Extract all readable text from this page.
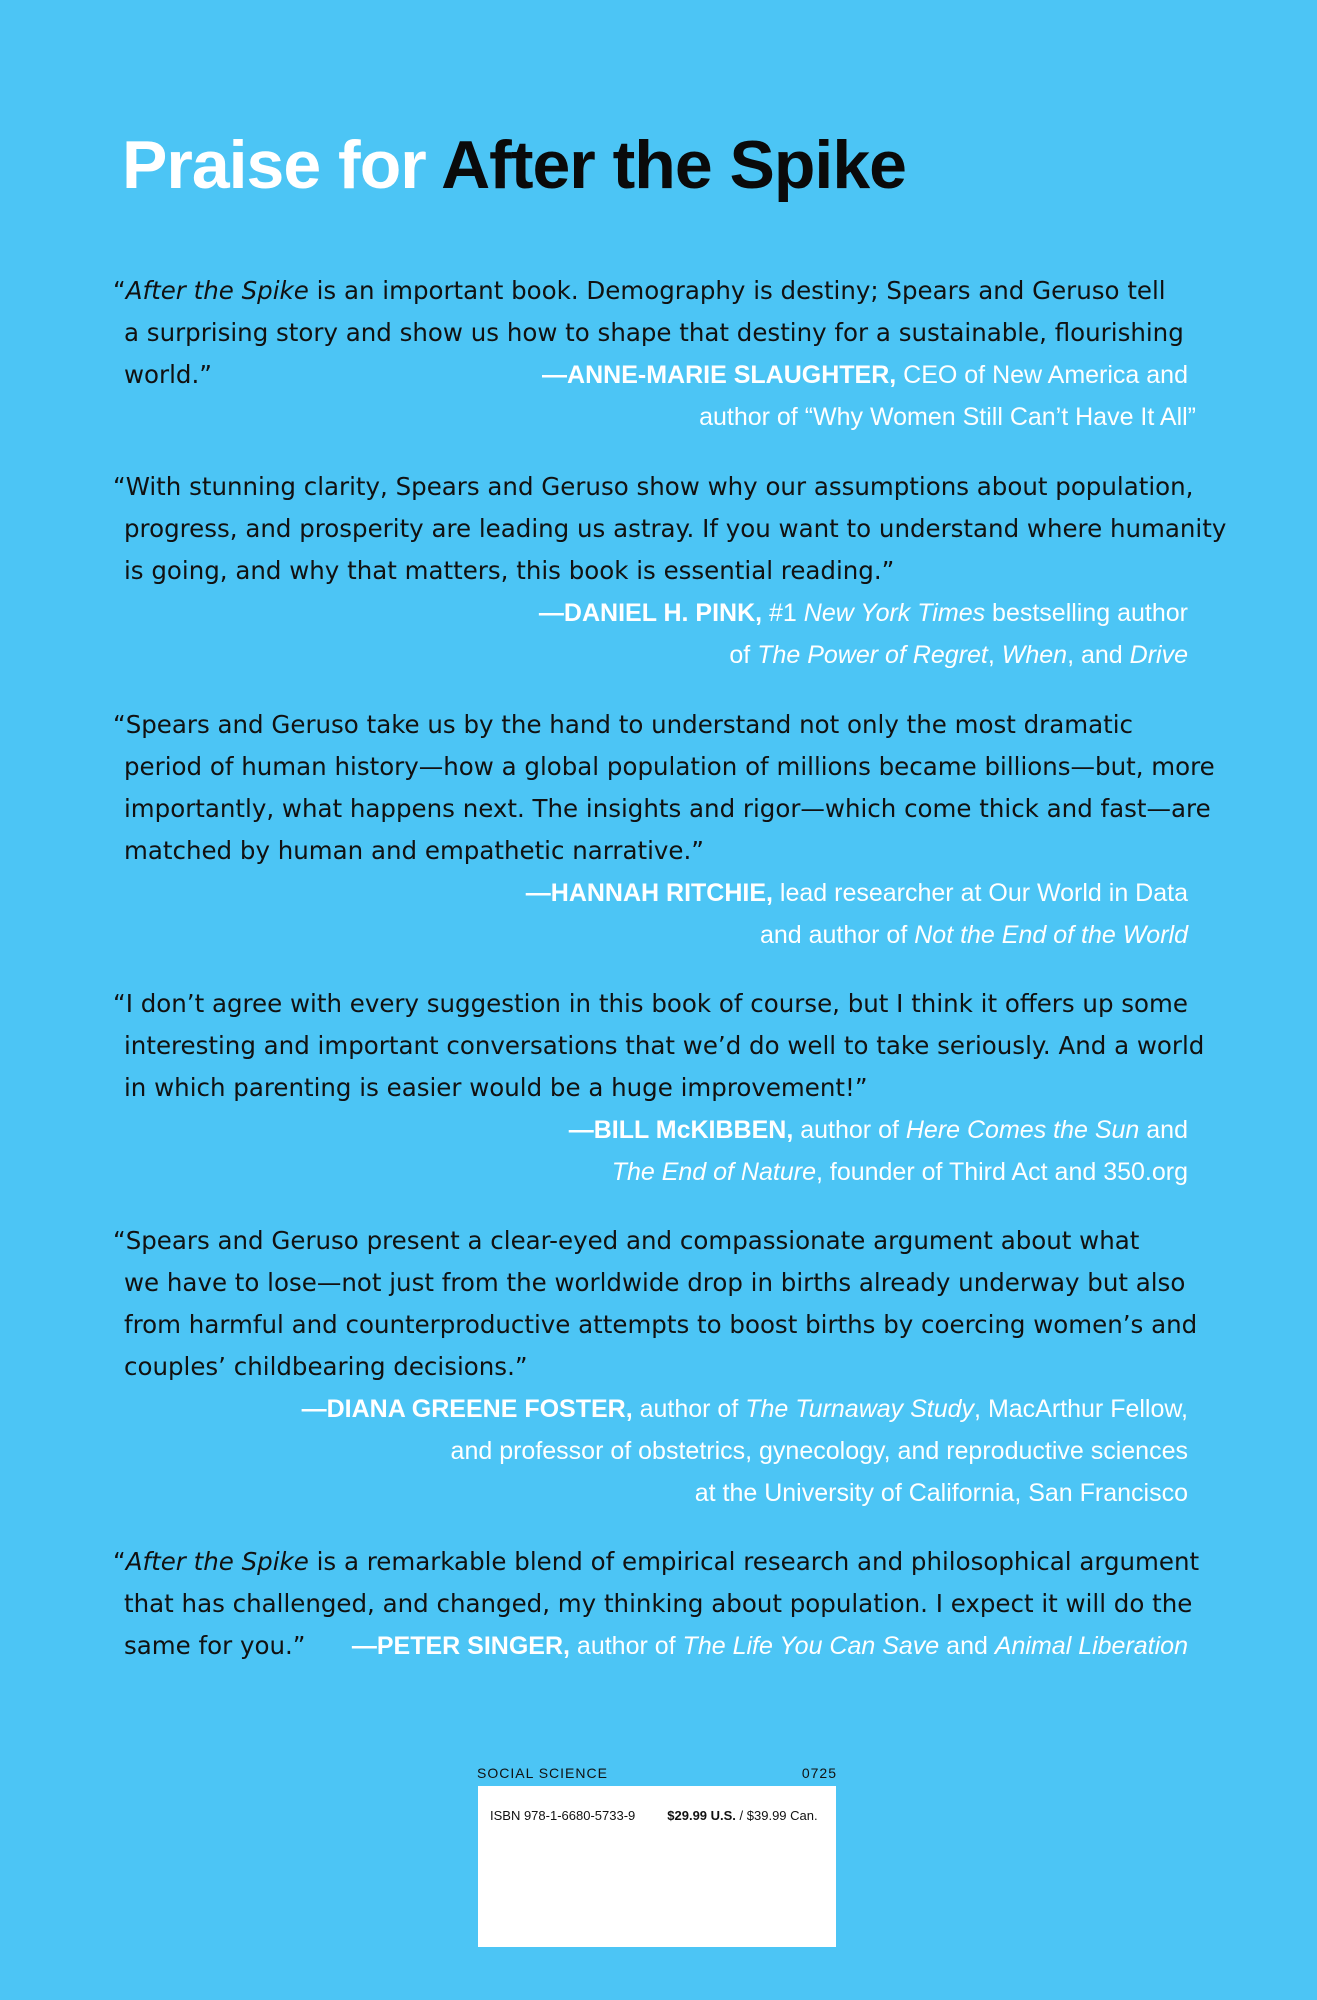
Praise for After the Spike
“After the Spike is an important book. Demography is destiny; Spears and Geruso tell
a surprising story and show us how to shape that destiny for a sustainable, flourishing
world.”	—ANNE-MARIE SLAUGHTER, CEO of New America and
author of “Why Women Still Can’t Have It All”
“With stunning clarity, Spears and Geruso show why our assumptions about population,
progress, and prosperity are leading us astray. If you want to understand where humanity
is going, and why that matters, this book is essential reading.”
—DANIEL H. PINK, #1 New York Times bestselling author
of The Power of Regret, When, and Drive
“Spears and Geruso take us by the hand to understand not only the most dramatic
period of human history—how a global population of millions became billions—but, more
importantly, what happens next. The insights and rigor—which come thick and fast—are
matched by human and empathetic narrative.”
—HANNAH RITCHIE, lead researcher at Our World in Data
and author of Not the End of the World
“I don’t agree with every suggestion in this book of course, but I think it offers up some
interesting and important conversations that we’d do well to take seriously. And a world
in which parenting is easier would be a huge improvement!”
—BILL McKIBBEN, author of Here Comes the Sun and
The End of Nature, founder of Third Act and 350.org
“Spears and Geruso present a clear-eyed and compassionate argument about what
we have to lose—not just from the worldwide drop in births already underway but also
from harmful and counterproductive attempts to boost births by coercing women’s and
couples’ childbearing decisions.”
—DIANA GREENE FOSTER, author of The Turnaway Study, MacArthur Fellow,
and professor of obstetrics, gynecology, and reproductive sciences
at the University of California, San Francisco
“After the Spike is a remarkable blend of empirical research and philosophical argument
that has challenged, and changed, my thinking about population. I expect it will do the
same for you.” —PETER SINGER, author of The Life You Can Save and Animal Liberation
SOCIAL SCIENCE	0725
ISBN 978-1-6680-5733-9 $29.99 U.S. / $39.99 Can.
